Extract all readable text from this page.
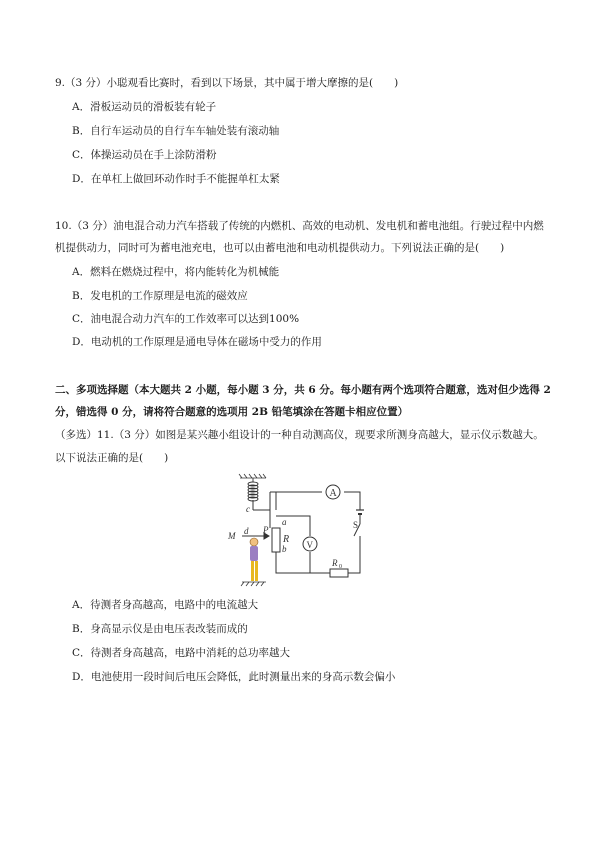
9.（3 分）小聪观看比赛时，看到以下场景，其中属于增大摩擦的是(　　)
A．滑板运动员的滑板装有轮子
B．自行车运动员的自行车车轴处装有滚动轴
C．体操运动员在手上涂防滑粉
D．在单杠上做回环动作时手不能握单杠太紧
10.（3 分）油电混合动力汽车搭载了传统的内燃机、高效的电动机、发电机和蓄电池组。行驶过程中内燃
机提供动力，同时可为蓄电池充电，也可以由蓄电池和电动机提供动力。下列说法正确的是(　　)
A．燃料在燃烧过程中，将内能转化为机械能
B．发电机的工作原理是电流的磁效应
C．油电混合动力汽车的工作效率可以达到100%
D．电动机的工作原理是通电导体在磁场中受力的作用
二、多项选择题（本大题共 2 小题，每小题 3 分，共 6 分。每小题有两个选项符合题意，选对但少选得 2
分，错选得 0 分，请将符合题意的选项用 2B 铅笔填涂在答题卡相应位置）
（多选）11.（3 分）如图是某兴趣小组设计的一种自动测高仪，现要求所测身高越大，显示仪示数越大。
以下说法正确的是(　　)
A
V
c
a
b
d
M
P
R
S
R 0
A．待测者身高越高，电路中的电流越大
B．身高显示仪是由电压表改装而成的
C．待测者身高越高，电路中消耗的总功率越大
D．电池使用一段时间后电压会降低，此时测量出来的身高示数会偏小
